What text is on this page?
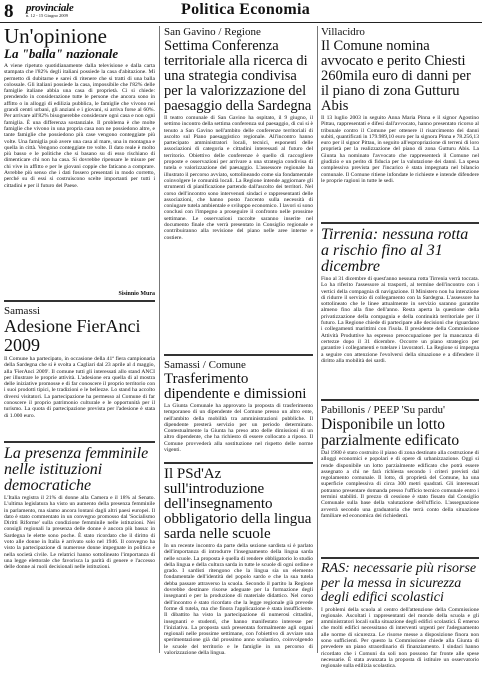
8 provinciale
n. 12 - 15 Giugno 2009	Politica Economia
Un'opinione
La "balla" nazionale

A viene ripetuto quotidianamente dalla televisione e dalla carta stampata che l'82% degli italiani possiede la casa d'abitazione. Mi permetto di dubitarne e sarei di ritenere che si tratti di una balla colossale. Gli italiani possiede la casa, impossibile che l'82% delle famiglie italiane abbia una casa di proprietà. Ci si chiede: prendendo in considerazione tutte le persone che ancora sono in affitto o in alloggi di edilizia pubblica, le famiglie che vivono nei grandi centri urbani, gli anziani e i giovani, si arriva forse al 60%. Per arrivare all'82% bisognerebbe considerare ogni casa e non ogni famiglia. È una differenza sostanziale. Il problema è che molte famiglie che vivono in una propria casa non ne possiedono altre, e tante famiglie che possiedono più case vengono conteggiate più volte. Una famiglia può avere una casa al mare, una in montagna e quella in città. Vengono conteggiate tre volte. Il dato reale è molto più basso e le politiche che si basano su di esso rischiano di dimenticare chi non ha casa. Si dovrebbe ripensare le misure per chi vive in affitto e per le giovani coppie che faticano a comprare. Avrebbe più senso che i dati fossero presentati in modo corretto, perché su di essi si costruiscono scelte importanti per tutti i cittadini e per il futuro del Paese.

Sisinnio Mura
Samassi
Adesione FierAnci 2009

Il Comune ha partecipato, in occasione della 41ª fiera campionaria della Sardegna che si è svolta a Cagliari dal 23 aprile al 4 maggio, alla 'FierAnci 2009'. Il comune tutti gli interessati allo stand ANCI per illustrare le proprie attività. L'adesione era quella di al mostra delle iniziative promosse e di far conoscere il proprio territorio con i suoi prodotti tipici, le tradizioni e le bellezze. Lo stand ha accolto diversi visitatori. La partecipazione ha permesso al Comune di far conoscere il proprio patrimonio culturale e le opportunità per il turismo. La quota di partecipazione prevista per l'adesione è stata di 1.000 euro.

La presenza femminile nelle istituzioni democratiche

L'Italia registra il 21% di donne alla Camera e il 18% al Senato. L'ultima legislatura ha visto un aumento della presenza femminile in parlamento, ma siamo ancora lontani dagli altri paesi europei. Il dato è stato commentato in un convegno promosso dal 'Socialismo Diritti Riforme' sulla condizione femminile nelle istituzioni. Nei consigli regionali la presenza delle donne è ancora più bassa: in Sardegna le elette sono poche. È stato ricordato che il diritto di voto alle donne in Italia è arrivato solo nel 1946. Il convegno ha visto la partecipazione di numerose donne impegnate in politica e nella società civile. Le relatrici hanno sottolineato l'importanza di una legge elettorale che favorisca la parità di genere e l'accesso delle donne ai ruoli decisionali nelle istituzioni.

San Gavino / Regione
Settima Conferenza territoriale alla ricerca di una strategia condivisa per la valorizzazione del paesaggio della Sardegna

Il teatro comunale di San Gavino ha ospitato, il 9 giugno, il settimo incontro della settima conferenza sul paesaggio, di cui si è tenuto a San Gavino nell'ambito delle conferenze territoriali di ascolto sul Piano paesaggistico regionale. All'incontro hanno partecipato amministratori locali, tecnici, esponenti delle associazioni di categoria e cittadini interessati al futuro del territorio. Obiettivo delle conferenze è quello di raccogliere proposte e osservazioni per arrivare a una strategia condivisa di tutela e valorizzazione del paesaggio. L'assessore regionale ha illustrato il percorso avviato, sottolineando come sia fondamentale coinvolgere le comunità locali. La Regione intende aggiornare gli strumenti di pianificazione partendo dall'ascolto dei territori. Nel corso dell'incontro sono intervenuti sindaci e rappresentanti delle associazioni, che hanno posto l'accento sulla necessità di coniugare tutela ambientale e sviluppo economico. I lavori si sono conclusi con l'impegno a proseguire il confronto nelle prossime settimane. Le osservazioni raccolte saranno inserite nel documento finale che verrà presentato in Consiglio regionale e contribuiranno alla revisione del piano nelle aree interne e costiere.

Samassi / Comune
Trasferimento dipendente e dimissioni

La Giunta Comunale ha approvato la proposta di trasferimento temporaneo di un dipendente del Comune presso un altro ente, nell'ambito della mobilità tra amministrazioni pubbliche. Il dipendente presterà servizio per un periodo determinato. Contestualmente la Giunta ha preso atto delle dimissioni di un altro dipendente, che ha richiesto di essere collocato a riposo. Il Comune provvederà alla sostituzione nel rispetto delle norme vigenti.

Il PSd'Az sull'introduzione dell'insegnamento obbligatorio della lingua sarda nelle scuole

In un recente incontro da parte della sezione sardista si è parlato dell'importanza di introdurre l'insegnamento della lingua sarda nelle scuole. La proposta è quella di rendere obbligatorio lo studio della lingua e della cultura sarda in tutte le scuole di ogni ordine e grado. I sardisti ritengono che la lingua sia un elemento fondamentale dell'identità del popolo sardo e che la sua tutela debba passare attraverso la scuola. Secondo il partito la Regione dovrebbe destinare risorse adeguate per la formazione degli insegnanti e per la produzione di materiale didattico. Nel corso dell'incontro è stato ricordato che la legge regionale già prevede forme di tutela, ma che finora l'applicazione è stata insufficiente. Il dibattito ha visto la partecipazione di numerosi cittadini, insegnanti e studenti, che hanno manifestato interesse per l'iniziativa. La proposta sarà presentata formalmente agli organi regionali nelle prossime settimane, con l'obiettivo di avviare una sperimentazione già dal prossimo anno scolastico, coinvolgendo le scuole del territorio e le famiglie in un percorso di valorizzazione della lingua.

Villacidro
Il Comune nomina avvocato e perito Chiesti 260mila euro di danni per il piano di zona Gutturu Abis

Il 13 luglio 2003 in seguito Anna Maria Pinna e il signor Agostino Pittau, rappresentati e difesi dall'avvocato, hanno presentato ricorso al tribunale contro il Comune per ottenere il risarcimento dei danni subiti, quantificati in 179.989,10 euro per la signora Pinna e 78.256,13 euro per il signor Pittau, in seguito all'espropriazione di terreni di loro proprietà per la realizzazione del piano di zona Gutturu Abis. La Giunta ha nominato l'avvocato che rappresenterà il Comune nel giudizio e un perito di fiducia per la valutazione dei danni. La spesa complessiva prevista per l'incarico è stata impegnata nel bilancio comunale. Il Comune ritiene infondate le richieste e intende difendere le proprie ragioni in tutte le sedi.

Tirrenia: nessuna rotta a rischio fino al 31 dicembre

Fino al 31 dicembre di quest'anno nessuna rotta Tirrenia verrà toccata. Lo ha riferito l'assessore ai trasporti, al termine dell'incontro con i vertici della compagnia di navigazione. Il Ministero non ha intenzione di ridurre il servizio di collegamento con la Sardegna. L'assessore ha sottolineato che le linee attualmente in servizio saranno garantite almeno fino alla fine dell'anno. Resta aperta la questione della privatizzazione della compagnia e della continuità territoriale per il futuro. La Regione chiede di partecipare alle decisioni che riguardano i collegamenti marittimi con l'isola. Il presidente della Commissione Attività Produttive ha espresso preoccupazione per la mancanza di certezze dopo il 31 dicembre. Occorre un piano strategico per garantire i collegamenti e tutelare i lavoratori. La Regione si impegna a seguire con attenzione l'evolversi della situazione e a difendere il diritto alla mobilità dei sardi.

Pabillonis / PEEP 'Su pardu'
Disponibile un lotto parzialmente edificato

Dal 1980 è stato costruito il piano di zona destinato alla costruzione di alloggi economici e popolari e di opere di urbanizzazione. Oggi si rende disponibile un lotto parzialmente edificato che potrà essere assegnato a chi ne farà richiesta secondo i criteri previsti dal regolamento comunale. Il lotto, di proprietà del Comune, ha una superficie complessiva di circa 300 metri quadrati. Gli interessati potranno presentare domanda presso l'ufficio tecnico comunale entro i termini stabiliti. Il prezzo di cessione è stato fissato dal Consiglio Comunale sulla base della valutazione dell'ufficio. L'assegnazione avverrà secondo una graduatoria che terrà conto della situazione familiare ed economica dei richiedenti.

RAS: necessarie più risorse per la messa in sicurezza degli edifici scolastici

I problemi della scuola al centro dell'attenzione della Commissione regionale. Ascoltati i rappresentanti del mondo della scuola e gli amministratori locali sulla situazione degli edifici scolastici. È emerso che molti edifici necessitano di interventi urgenti per l'adeguamento alle norme di sicurezza. Le risorse messe a disposizione finora non sono sufficienti. Per questo la Commissione chiede alla Giunta di prevedere un piano straordinario di finanziamento. I sindaci hanno ricordato che i Comuni da soli non possono far fronte alle spese necessarie. È stata avanzata la proposta di istituire un osservatorio regionale sulla edilizia scolastica.
